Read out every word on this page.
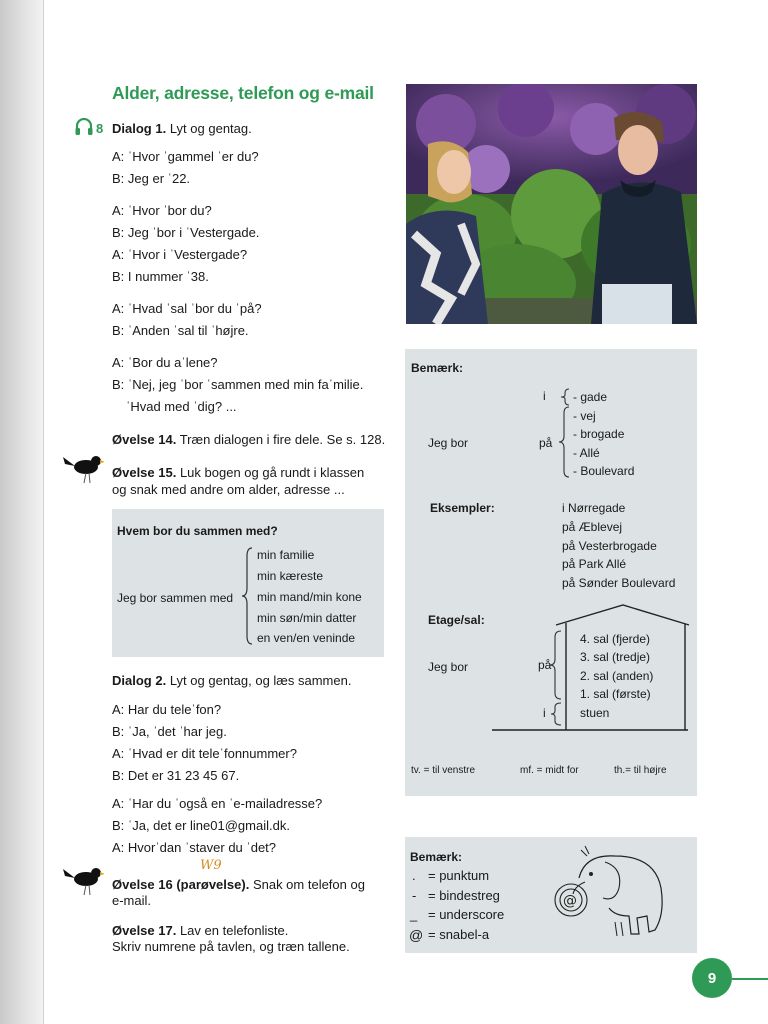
Alder, adresse, telefon og e-mail
8 Dialog 1. Lyt og gentag.
A: ˈHvor ˈgammel ˈer du?
B: Jeg er ˈ22.
A: ˈHvor ˈbor du?
B: Jeg ˈbor i ˈVestergade.
A: ˈHvor i ˈVestergade?
B: I nummer ˈ38.
A: ˈHvad ˈsal ˈbor du ˈpå?
B: ˈAnden ˈsal til ˈhøjre.
A: ˈBor du aˈlene?
B: ˈNej, jeg ˈbor ˈsammen med min faˈmilie.
ˈHvad med ˈdig? ...
Øvelse 14. Træn dialogen i fire dele. Se s. 128.
Øvelse 15. Luk bogen og gå rundt i klassen
og snak med andre om alder, adresse ...
Hvem bor du sammen med?
Jeg bor sammen med
min familie
min kæreste
min mand/min kone
min søn/min datter
en ven/en veninde
Dialog 2. Lyt og gentag, og læs sammen.
A: Har du teleˈfon?
B: ˈJa, ˈdet ˈhar jeg.
A: ˈHvad er dit teleˈfonnummer?
B: Det er 31 23 45 67.
A: ˈHar du ˈogså en ˈe-mailadresse?
B: ˈJa, det er line01@gmail.dk.
A: Hvorˈdan ˈstaver du ˈdet?
W9
Øvelse 16 (parøvelse). Snak om telefon og
e-mail.
Øvelse 17. Lav en telefonliste.
Skriv numrene på tavlen, og træn tallene.
Bemærk:
Jeg bor
i - gade
på
- vej
- brogade
- Allé
- Boulevard
Eksempler:	i Nørregade
på Æblevej
på Vesterbrogade
på Park Allé
på Sønder Boulevard
Etage/sal:
Jeg bor	på
i
4. sal (fjerde)
3. sal (tredje)
2. sal (anden)
1. sal (første)
stuen
tv. = til venstre	mf. = midt for	th.= til højre
Bemærk:
. = punktum
- = bindestreg
_ = underscore
@ = snabel-a
@
9
